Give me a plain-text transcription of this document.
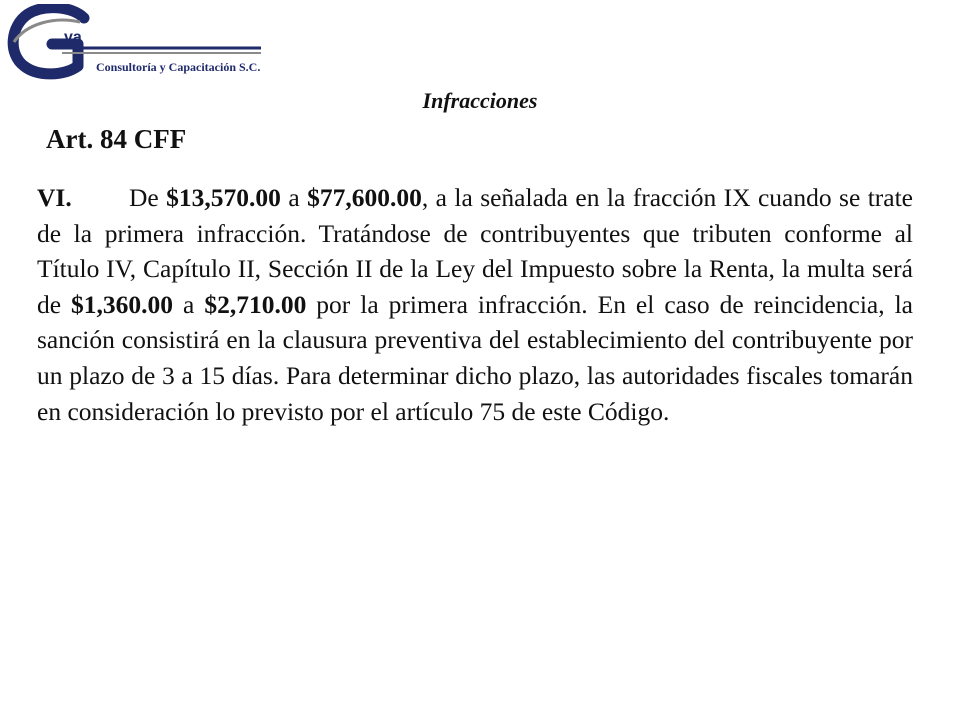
va
Consultoría y Capacitación S.C.
Infracciones
Art. 84 CFF
VI. De $13,570.00 a $77,600.00, a la señalada en la fracción IX cuando se trate de la primera infracción. Tratándose de contribuyentes que tributen conforme al Título IV, Capítulo II, Sección II de la Ley del Impuesto sobre la Renta, la multa será de $1,360.00 a $2,710.00 por la primera infracción. En el caso de reincidencia, la sanción consistirá en la clausura preventiva del establecimiento del contribuyente por un plazo de 3 a 15 días. Para determinar dicho plazo, las autoridades fiscales tomarán en consideración lo previsto por el artículo 75 de este Código.
